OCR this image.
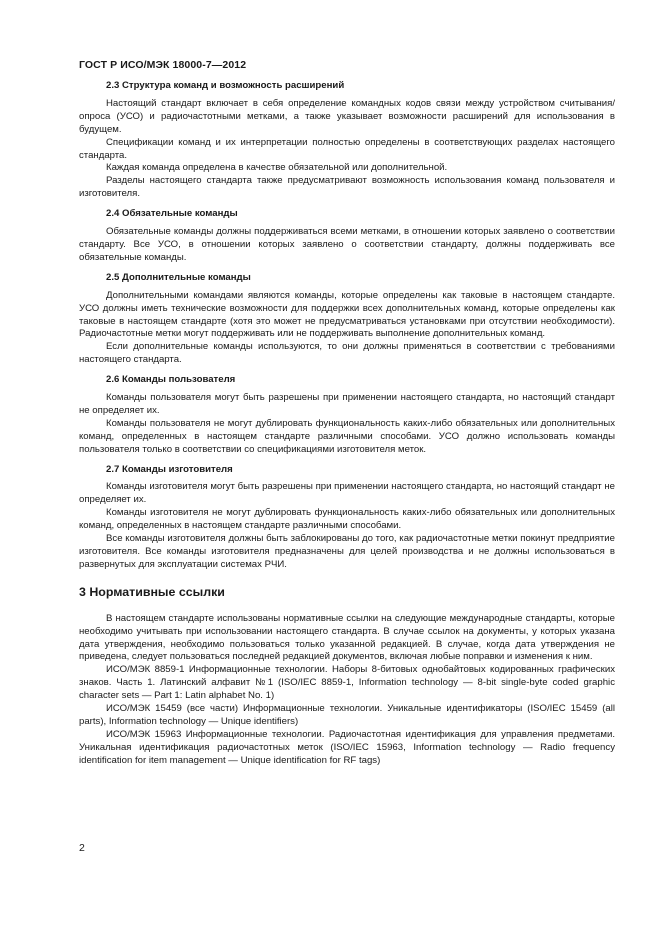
ГОСТ Р ИСО/МЭК 18000-7—2012
2.3 Структура команд и возможность расширений

Настоящий стандарт включает в себя определение командных кодов связи между устройством считывания/опроса (УСО) и радиочастотными метками, а также указывает возможности расширений для использования в будущем.

Спецификации команд и их интерпретации полностью определены в соответствующих разделах настоящего стандарта.

Каждая команда определена в качестве обязательной или дополнительной.

Разделы настоящего стандарта также предусматривают возможность использования команд пользователя и изготовителя.

2.4 Обязательные команды

Обязательные команды должны поддерживаться всеми метками, в отношении которых заявлено о соответствии стандарту. Все УСО, в отношении которых заявлено о соответствии стандарту, должны поддерживать все обязательные команды.

2.5 Дополнительные команды

Дополнительными командами являются команды, которые определены как таковые в настоящем стандарте. УСО должны иметь технические возможности для поддержки всех дополнительных команд, которые определены как таковые в настоящем стандарте (хотя это может не предусматриваться установками при отсутствии необходимости). Радиочастотные метки могут поддерживать или не поддерживать выполнение дополнительных команд.

Если дополнительные команды используются, то они должны применяться в соответствии с требованиями настоящего стандарта.

2.6 Команды пользователя

Команды пользователя могут быть разрешены при применении настоящего стандарта, но настоящий стандарт не определяет их.

Команды пользователя не могут дублировать функциональность каких-либо обязательных или дополнительных команд, определенных в настоящем стандарте различными способами. УСО должно использовать команды пользователя только в соответствии со спецификациями изготовителя меток.

2.7 Команды изготовителя

Команды изготовителя могут быть разрешены при применении настоящего стандарта, но настоящий стандарт не определяет их.

Команды изготовителя не могут дублировать функциональность каких-либо обязательных или дополнительных команд, определенных в настоящем стандарте различными способами.

Все команды изготовителя должны быть заблокированы до того, как радиочастотные метки покинут предприятие изготовителя. Все команды изготовителя предназначены для целей производства и не должны использоваться в развернутых для эксплуатации системах РЧИ.

3 Нормативные ссылки

В настоящем стандарте использованы нормативные ссылки на следующие международные стандарты, которые необходимо учитывать при использовании настоящего стандарта. В случае ссылок на документы, у которых указана дата утверждения, необходимо пользоваться только указанной редакцией. В случае, когда дата утверждения не приведена, следует пользоваться последней редакцией документов, включая любые поправки и изменения к ним.

ИСО/МЭК 8859-1 Информационные технологии. Наборы 8-битовых однобайтовых кодированных графических знаков. Часть 1. Латинский алфавит №1 (ISO/IEC 8859-1, Information technology — 8-bit single-byte coded graphic character sets — Part 1: Latin alphabet No. 1)

ИСО/МЭК 15459 (все части) Информационные технологии. Уникальные идентификаторы (ISO/IEC 15459 (all parts), Information technology — Unique identifiers)

ИСО/МЭК 15963 Информационные технологии. Радиочастотная идентификация для управления предметами. Уникальная идентификация радиочастотных меток (ISO/IEC 15963, Information technology — Radio frequency identification for item management — Unique identification for RF tags)

2
